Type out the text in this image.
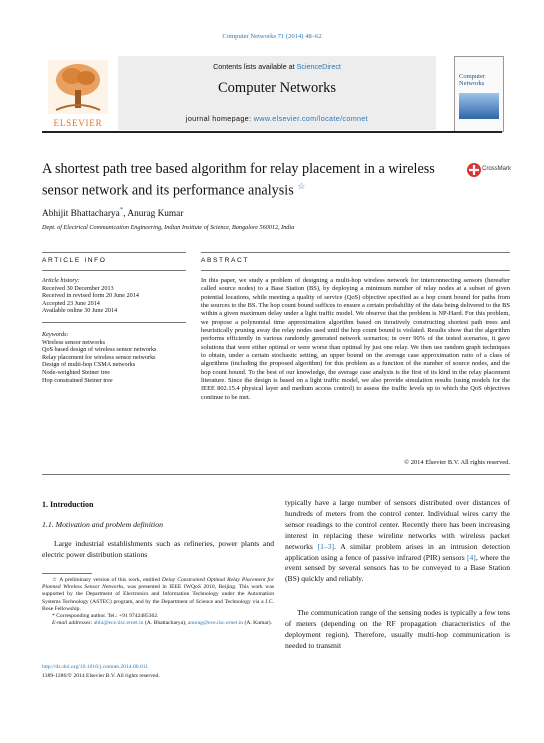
Computer Networks 71 (2014) 48–62
ELSEVIER
Contents lists available at ScienceDirect
Computer Networks
journal homepage: www.elsevier.com/locate/comnet
Computer Networks
A shortest path tree based algorithm for relay placement in a wireless sensor network and its performance analysis ☆
CrossMark
Abhijit Bhattacharya*, Anurag Kumar
Dept. of Electrical Communication Engineering, Indian Institute of Science, Bangalore 560012, India
ARTICLE INFO	ABSTRACT
Article history:
Received 30 December 2013
Received in revised form 20 June 2014
Accepted 23 June 2014
Available online 30 June 2014
Keywords:
Wireless sensor networks
QoS based design of wireless sensor networks
Relay placement for wireless sensor networks
Design of multi-hop CSMA networks
Node-weighted Steiner tree
Hop constrained Steiner tree
In this paper, we study a problem of designing a multi-hop wireless network for interconnecting sensors (hereafter called source nodes) to a Base Station (BS), by deploying a minimum number of relay nodes at a subset of given potential locations, while meeting a quality of service (QoS) objective specified as a hop count bound for paths from the sources to the BS. The hop count bound suffices to ensure a certain probability of the data being delivered to the BS within a given maximum delay under a light traffic model. We observe that the problem is NP-Hard. For this problem, we propose a polynomial time approximation algorithm based on iteratively constructing shortest path trees and heuristically pruning away the relay nodes used until the hop count bound is violated. Results show that the algorithm performs efficiently in various randomly generated network scenarios; in over 90% of the tested scenarios, it gave solutions that were either optimal or were worse than optimal by just one relay. We then use random graph techniques to obtain, under a certain stochastic setting, an upper bound on the average case approximation ratio of a class of algorithms (including the proposed algorithm) for this problem as a function of the number of source nodes, and the hop count bound. To the best of our knowledge, the average case analysis is the first of its kind in the relay placement literature. Since the design is based on a light traffic model, we also provide simulation results (using models for the IEEE 802.15.4 physical layer and medium access control) to assess the traffic levels up to which the QoS objectives continue to be met.
© 2014 Elsevier B.V. All rights reserved.
1. Introduction
1.1. Motivation and problem definition
Large industrial establishments such as refineries, power plants and electric power distribution stations
☆ A preliminary version of this work, entitled Delay Constrained Optimal Relay Placement for Planned Wireless Sensor Networks, was presented in IEEE IWQoS 2010, Beijing. This work was supported by the Department of Electronics and Information Technology under the Automation Systems Technology (ASTEC) program, and by the Department of Science and Technology via a J.C. Bose Fellowship.
* Corresponding author. Tel.: +91 9742485362.
E-mail addresses: abhi@ece.iisc.ernet.in (A. Bhattacharya), anurag@ece.iisc.ernet.in (A. Kumar).
http://dx.doi.org/10.1016/j.comnet.2014.06.011
1389-1286/© 2014 Elsevier B.V. All rights reserved.
typically have a large number of sensors distributed over distances of hundreds of meters from the control center. Individual wires carry the sensor readings to the control center. Recently there has been increasing interest in replacing these wireline networks with wireless packet networks [1–3]. A similar problem arises in an intrusion detection application using a fence of passive infrared (PIR) sensors [4], where the event sensed by several sensors has to be conveyed to a Base Station (BS) quickly and reliably.
The communication range of the sensing nodes is typically a few tens of meters (depending on the RF propagation characteristics of the deployment region). Therefore, usually multi-hop communication is needed to transmit
